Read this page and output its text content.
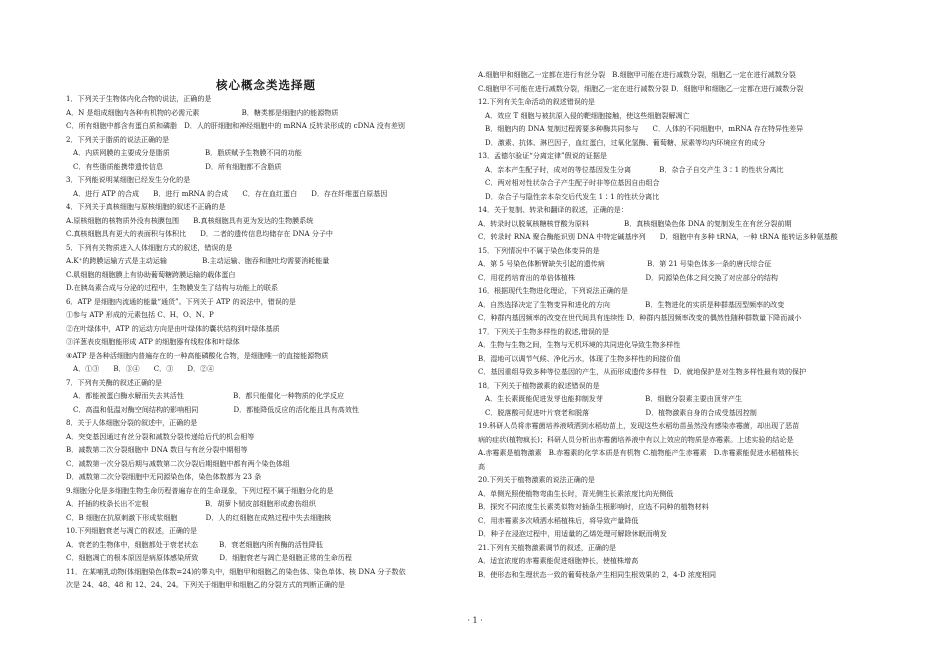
核心概念类选择题
1．下列关于生物体内化合物的说法，正确的是
A．N 是组成细胞内各种有机物的必需元素　　　　　　B．糖类都是细胞内的能源物质
C．所有细胞中都含有蛋白质和磷脂　D．人的肝细胞和神经细胞中的 mRNA 反转录形成的 cDNA 没有差别
2．下列关于脂质的说法正确的是
　A．内质网膜的主要成分是脂质　　　　　B．脂质赋予生物膜不同的功能
　C．有些脂质能携带遗传信息　　　　　　D．所有细胞都不含脂质
3．下列能说明某细胞已经发生分化的是
　A．进行 ATP 的合成　　B．进行 mRNA 的合成　　C．存在血红蛋白　　D．存在纤维蛋白原基因
4．下列关于真核细胞与原核细胞的叙述不正确的是
A.原核细胞的核物质外没有核膜包围　　B.真核细胞具有更为发达的生物膜系统
C.真核细胞具有更大的表面积与体积比　　D．二者的遗传信息均储存在 DNA 分子中
5．下列有关物质进入人体细胞方式的叙述，错误的是
A.K⁺的跨膜运输方式是主动运输　　　　　B.主动运输、胞吞和胞吐均需要消耗能量
C.肌细胞的细胞膜上有协助葡萄糖跨膜运输的载体蛋白
D.在胰岛素合成与分泌的过程中，生物膜发生了结构与功能上的联系
6．ATP 是细胞内流通的能量“通货”。下列关于 ATP 的说法中，错误的是
①参与 ATP 形成的元素包括 C、H、O、N、P
②在叶绿体中，ATP 的运动方向是由叶绿体的囊状结构到叶绿体基质
③洋葱表皮细胞能形成 ATP 的细胞器有线粒体和叶绿体
④ATP 是各种活细胞内普遍存在的一种高能磷酸化合物，是细胞唯一的直接能源物质
　A．①③　　B．③④　　C．③　　D．②④
7．下列有关酶的叙述正确的是
　A．都能被蛋白酶水解而失去其活性　　　　　　　B．都只能催化一种物质的化学反应
　C．高温和低温对酶空间结构的影响相同　　　　　D．都能降低反应的活化能且具有高效性
8．关于人体细胞分裂的叙述中，正确的是
A．突变基因通过有丝分裂和减数分裂传递给后代的机会相等
B．减数第二次分裂细胞中 DNA 数目与有丝分裂中期相等
C．减数第一次分裂后期与减数第二次分裂后期细胞中都有两个染色体组
D．减数第二次分裂细胞中无同源染色体，染色体数都为 23 条
9.细胞分化是多细胞生物生命历程普遍存在的生命现象，下列过程不属于细胞分化的是
A．扦插的枝条长出不定根　　　　　　　　B．胡萝卜韧皮部细胞形成愈伤组织
C．B 细胞在抗原刺激下形成浆细胞　　　　D．人的红细胞在成熟过程中失去细胞核
10.下列细胞衰老与凋亡的叙述，正确的是
A．衰老的生物体中，细胞都处于衰老状态　　　B．衰老细胞内所有酶的活性降低
C．细胞凋亡的根本原因是病原体感染所致　　　D．细胞衰老与凋亡是细胞正常的生命历程
11．在某哺乳动物(体细胞染色体数=24)的睾丸中，细胞甲和细胞乙的染色体、染色单体、核 DNA 分子数依
次是 24、48、48 和 12、24、24。下列关于细胞甲和细胞乙的分裂方式的判断正确的是
A.细胞甲和细胞乙一定都在进行有丝分裂　B.细胞甲可能在进行减数分裂，细胞乙一定在进行减数分裂
C.细胞甲不可能在进行减数分裂，细胞乙一定在进行减数分裂 D．细胞甲和细胞乙一定都在进行减数分裂
12.下列有关生命活动的叙述错误的是
　A．效应 T 细胞与被抗原入侵的靶细胞接触，使这些细胞裂解凋亡
　B．细胞内的 DNA 复制过程需要多种酶共同参与　　C．人体的不同细胞中，mRNA 存在特异性差异
　D．激素、抗体、淋巴因子，血红蛋白，过氧化氢酶、葡萄糖、尿素等均内环境应有的成分
13．孟德尔验证“分离定律”假说的证据是
　A．亲本产生配子时，成对的等位基因发生分离　　　　B．杂合子自交产生 3∶1 的性状分离比
　C．两对相对性状杂合子产生配子时非等位基因自由组合
　D．杂合子与隐性亲本杂交后代发生 1∶1 的性状分离比
14．关于复制、转录和翻译的叙述，正确的是：
A．转录时以脱氧核糖核苷酸为原料　　　　　B．真核细胞染色体 DNA 的复制发生在有丝分裂前期
C．转录时 RNA 聚合酶能识别 DNA 中特定碱基序列　　D．细胞中有多种 tRNA，一种 tRNA 能转运多种氨基酸
15．下列情况中不属于染色体变异的是
A．第 5 号染色体断臂缺失引起的遗传病　　　　　　B．第 21 号染色体多一条的唐氏综合征
C．用花药培育出的单倍体植株　　　　　　　　　　D．同源染色体之间交换了对应部分的结构
16．根据现代生物进化理论，下列说法正确的是
A．自然选择决定了生物变异和进化的方向　　　　　B．生物进化的实质是种群基因型频率的改变
C．种群内基因频率的改变在世代间具有连续性 D．种群内基因频率改变的偶然性随种群数量下降而减小
17．下列关于生物多样性的叙述,错误的是
A．生物与生物之间，生物与无机环境的共同进化导致生物多样性
B．湿地可以调节气候、净化污水，体现了生物多样性的间接价值
C．基因重组导致多种等位基因的产生，从而形成遗传多样性　D．就地保护是对生物多样性最有效的保护
18．下列关于植物激素的叙述错误的是
　A．生长素既能促进发芽也能抑制发芽　　　　　　B．细胞分裂素主要由顶芽产生
　C．脱落酸可促进叶片衰老和脱落　　　　　　　　D．植物激素自身的合成受基因控制
19.科研人员将赤霉菌培养液喷洒到水稻幼苗上，发现这些水稻幼苗虽然没有感染赤霉菌，却出现了恶苗
病的症状(植物疯长)；科研人员分析出赤霉菌培养液中有以上效应的物质是赤霉素。上述实验的结论是
A.赤霉素是植物激素　B.赤霉素的化学本质是有机物 C.植物能产生赤霉素　D.赤霉素能促进水稻植株长
高
20.下列关于植物激素的说法正确的是
A．单侧光照使植物弯曲生长时，背光侧生长素浓度比向光侧低
B．探究不同浓度生长素类似物对插条生根影响时，应选不同种的植物材料
C．用赤霉素多次喷洒水稻植株后，将导致产量降低
D．种子在浸泡过程中，用适量的乙烯处理可解除休眠而萌发
21.下列有关植物激素调节的叙述，正确的是
A．适宜浓度的赤霉素能促进细胞伸长，使植株增高
B．使形态和生理状态一致的葡萄枝条产生相同生根效果的 2，4-D 浓度相同
· 1 ·
